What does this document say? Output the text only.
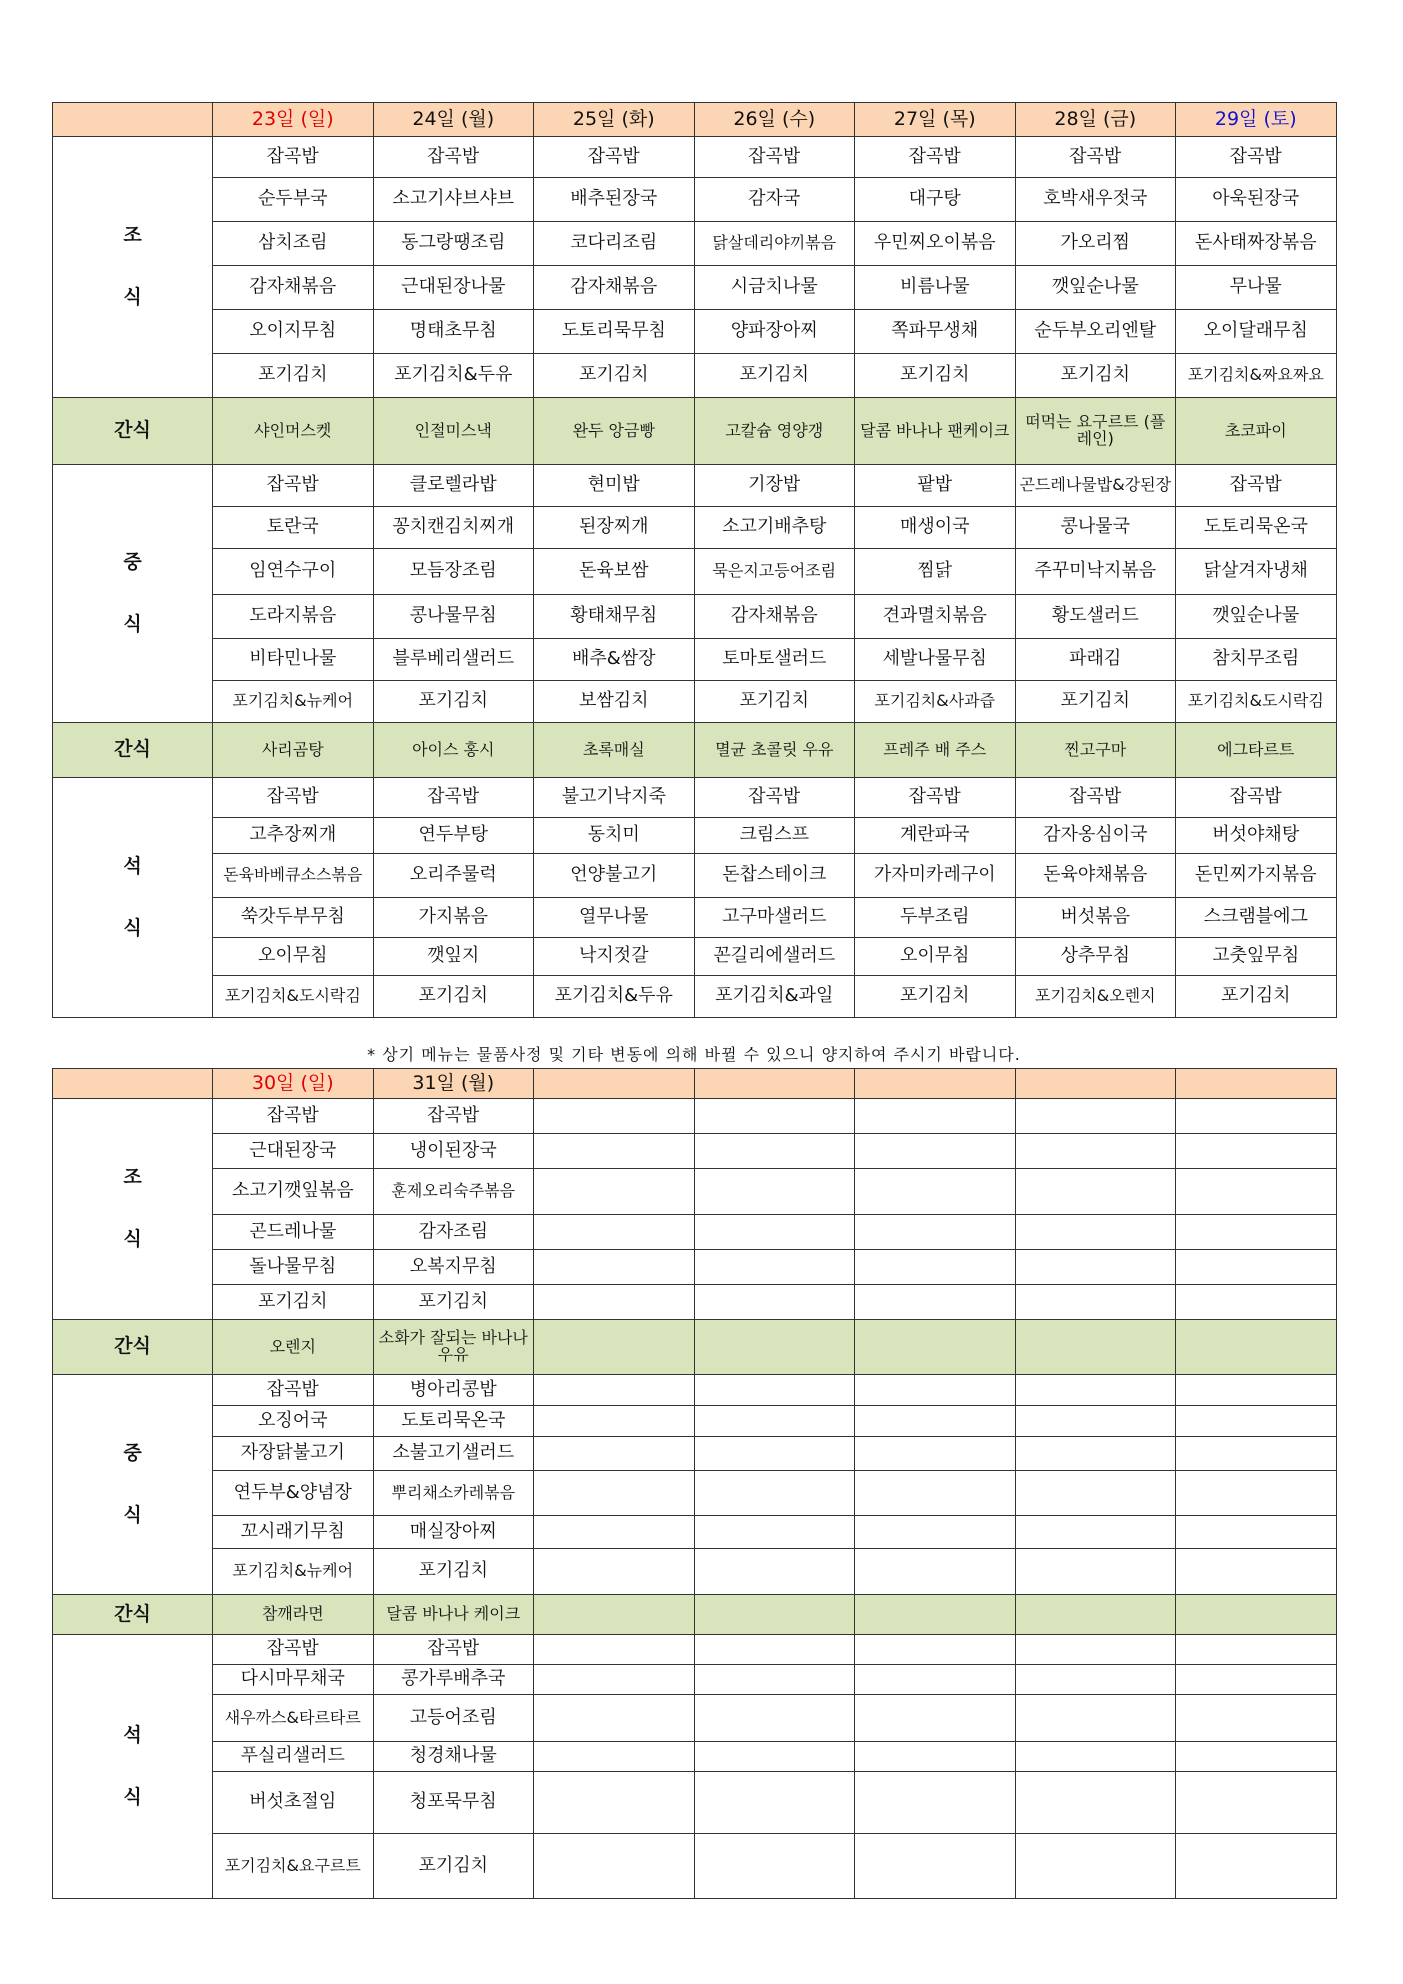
	23일 (일)	24일 (월)	25일 (화)	26일 (수)	27일 (목)	28일 (금)	29일 (토)

조
식	잡곡밥	잡곡밥	잡곡밥	잡곡밥	잡곡밥	잡곡밥	잡곡밥
	순두부국	소고기샤브샤브	배추된장국	감자국	대구탕	호박새우젓국	아욱된장국
	삼치조림	동그랑땡조림	코다리조림	닭살데리야끼볶음	우민찌오이볶음	가오리찜	돈사태짜장볶음
	감자채볶음	근대된장나물	감자채볶음	시금치나물	비름나물	깻잎순나물	무나물
	오이지무침	명태초무침	도토리묵무침	양파장아찌	쪽파무생채	순두부오리엔탈	오이달래무침
	포기김치	포기김치&두유	포기김치	포기김치	포기김치	포기김치	포기김치&짜요짜요
간식	샤인머스켓	인절미스낵	완두 앙금빵	고칼슘 영양갱	달콤 바나나 팬케이크	떠먹는 요구르트 (플레인)	초코파이

중
식	잡곡밥	클로렐라밥	현미밥	기장밥	팥밥	곤드레나물밥&강된장	잡곡밥
	토란국	꽁치캔김치찌개	된장찌개	소고기배추탕	매생이국	콩나물국	도토리묵온국
	임연수구이	모듬장조림	돈육보쌈	묵은지고등어조림	찜닭	주꾸미낙지볶음	닭살겨자냉채
	도라지볶음	콩나물무침	황태채무침	감자채볶음	견과멸치볶음	황도샐러드	깻잎순나물
	비타민나물	블루베리샐러드	배추&쌈장	토마토샐러드	세발나물무침	파래김	참치무조림
	포기김치&뉴케어	포기김치	보쌈김치	포기김치	포기김치&사과즙	포기김치	포기김치&도시락김
간식	사리곰탕	아이스 홍시	초록매실	멸균 초콜릿 우유	프레주 배 주스	찐고구마	에그타르트

석
식	잡곡밥	잡곡밥	불고기낙지죽	잡곡밥	잡곡밥	잡곡밥	잡곡밥
	고추장찌개	연두부탕	동치미	크림스프	계란파국	감자옹심이국	버섯야채탕
	돈육바베큐소스볶음	오리주물럭	언양불고기	돈찹스테이크	가자미카레구이	돈육야채볶음	돈민찌가지볶음
	쑥갓두부무침	가지볶음	열무나물	고구마샐러드	두부조림	버섯볶음	스크램블에그
	오이무침	깻잎지	낙지젓갈	꼰길리에샐러드	오이무침	상추무침	고춧잎무침
	포기김치&도시락김	포기김치	포기김치&두유	포기김치&과일	포기김치	포기김치&오렌지	포기김치
* 상기 메뉴는 물품사정 및 기타 변동에 의해 바뀔 수 있으니 양지하여 주시기 바랍니다.
	30일 (일)	31일 (월)					

조
식	잡곡밥	잡곡밥					
	근대된장국	냉이된장국					
	소고기깻잎볶음	훈제오리숙주볶음					
	곤드레나물	감자조림					
	돌나물무침	오복지무침					
	포기김치	포기김치					
간식	오렌지	소화가 잘되는 바나나 우유					

중
식	잡곡밥	병아리콩밥					
	오징어국	도토리묵온국					
	자장닭불고기	소불고기샐러드					
	연두부&양념장	뿌리채소카레볶음					
	꼬시래기무침	매실장아찌					
	포기김치&뉴케어	포기김치					
간식	참깨라면	달콤 바나나 케이크					

석
식	잡곡밥	잡곡밥					
	다시마무채국	콩가루배추국					
	새우까스&타르타르	고등어조림					
	푸실리샐러드	청경채나물					
	버섯초절임	청포묵무침					
	포기김치&요구르트	포기김치					
